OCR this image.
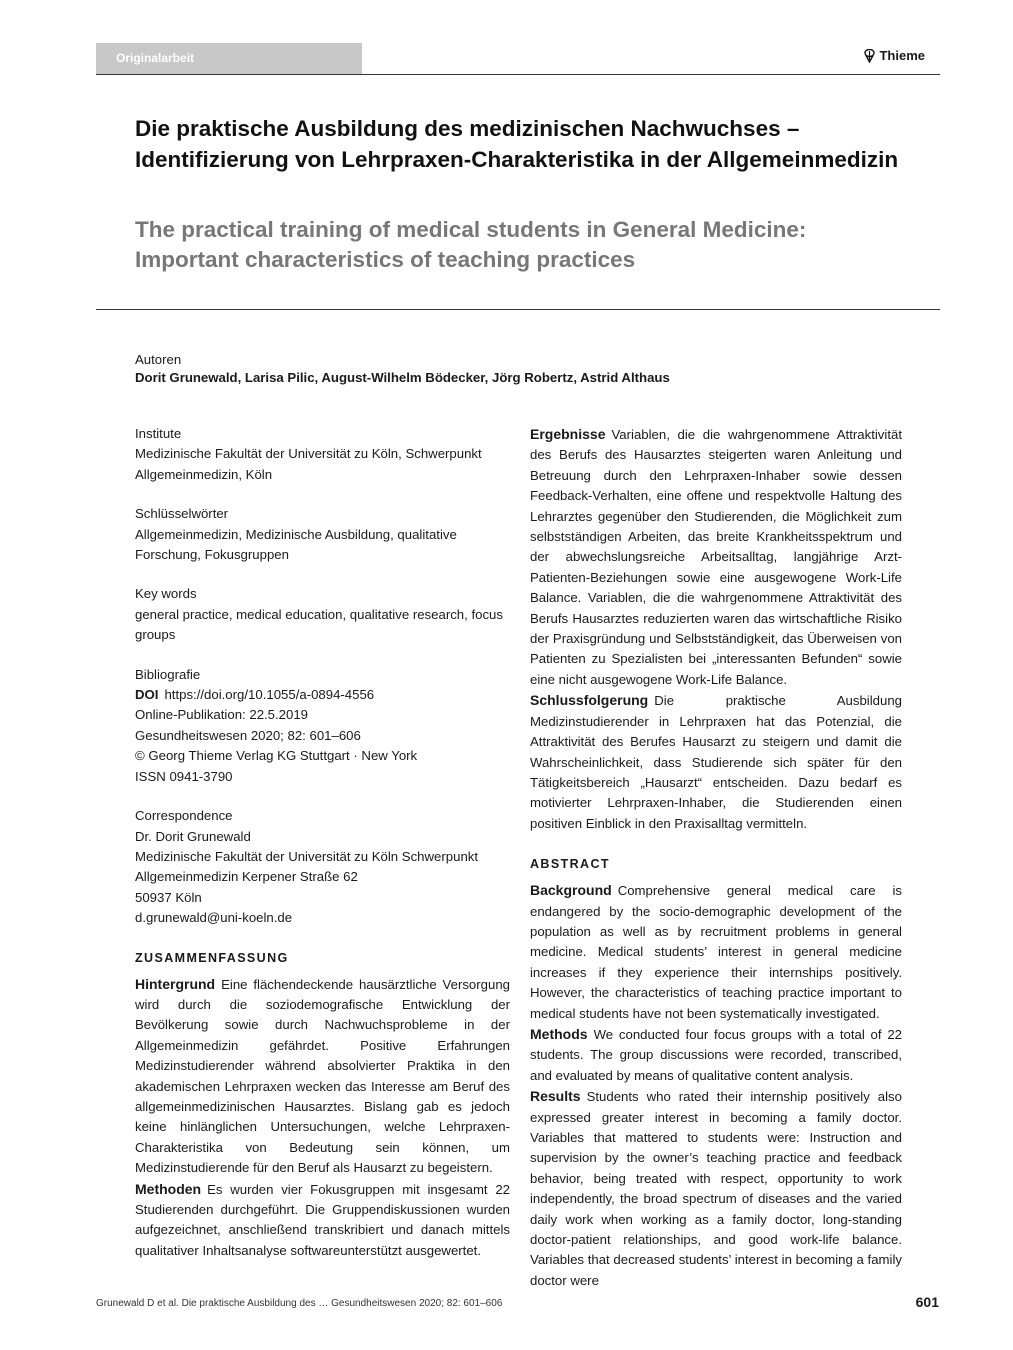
Originalarbeit	Thieme
Die praktische Ausbildung des medizinischen Nachwuchses – Identifizierung von Lehrpraxen-Charakteristika in der Allgemeinmedizin
The practical training of medical students in General Medicine: Important characteristics of teaching practices
Autoren
Dorit Grunewald, Larisa Pilic, August-Wilhelm Bödecker, Jörg Robertz, Astrid Althaus
Institute
Medizinische Fakultät der Universität zu Köln, Schwerpunkt Allgemeinmedizin, Köln
Schlüsselwörter
Allgemeinmedizin, Medizinische Ausbildung, qualitative Forschung, Fokusgruppen
Key words
general practice, medical education, qualitative research, focus groups
Bibliografie
DOI https://doi.org/10.1055/a-0894-4556
Online-Publikation: 22.5.2019
Gesundheitswesen 2020; 82: 601–606
© Georg Thieme Verlag KG Stuttgart · New York
ISSN 0941-3790
Correspondence
Dr. Dorit Grunewald
Medizinische Fakultät der Universität zu Köln Schwerpunkt
Allgemeinmedizin Kerpener Straße 62
50937 Köln
d.grunewald@uni-koeln.de
ZUSAMMENFASSUNG

Hintergrund Eine flächendeckende hausärztliche Versorgung wird durch die soziodemografische Entwicklung der Bevölkerung sowie durch Nachwuchsprobleme in der Allgemeinmedizin gefährdet. Positive Erfahrungen Medizinstudierender während absolvierter Praktika in den akademischen Lehrpraxen wecken das Interesse am Beruf des allgemeinmedizinischen Hausarztes. Bislang gab es jedoch keine hinlänglichen Untersuchungen, welche Lehrpraxen-Charakteristika von Bedeutung sein können, um Medizinstudierende für den Beruf als Hausarzt zu begeistern.

Methoden Es wurden vier Fokusgruppen mit insgesamt 22 Studierenden durchgeführt. Die Gruppendiskussionen wurden aufgezeichnet, anschließend transkribiert und danach mittels qualitativer Inhaltsanalyse softwareunterstützt ausgewertet.

Ergebnisse Variablen, die die wahrgenommene Attraktivität des Berufs des Hausarztes steigerten waren Anleitung und Betreuung durch den Lehrpraxen-Inhaber sowie dessen Feedback-Verhalten, eine offene und respektvolle Haltung des Lehrarztes gegenüber den Studierenden, die Möglichkeit zum selbstständigen Arbeiten, das breite Krankheitsspektrum und der abwechslungsreiche Arbeitsalltag, langjährige Arzt-Patienten-Beziehungen sowie eine ausgewogene Work-Life Balance. Variablen, die die wahrgenommene Attraktivität des Berufs Hausarztes reduzierten waren das wirtschaftliche Risiko der Praxisgründung und Selbstständigkeit, das Überweisen von Patienten zu Spezialisten bei „interessanten Befunden“ sowie eine nicht ausgewogene Work-Life Balance.

Schlussfolgerung Die praktische Ausbildung Medizinstudierender in Lehrpraxen hat das Potenzial, die Attraktivität des Berufes Hausarzt zu steigern und damit die Wahrscheinlichkeit, dass Studierende sich später für den Tätigkeitsbereich „Hausarzt“ entscheiden. Dazu bedarf es motivierter Lehrpraxen-Inhaber, die Studierenden einen positiven Einblick in den Praxisalltag vermitteln.

ABSTRACT

Background Comprehensive general medical care is endangered by the socio-demographic development of the population as well as by recruitment problems in general medicine. Medical students’ interest in general medicine increases if they experience their internships positively. However, the characteristics of teaching practice important to medical students have not been systematically investigated.

Methods We conducted four focus groups with a total of 22 students. The group discussions were recorded, transcribed, and evaluated by means of qualitative content analysis.

Results Students who rated their internship positively also expressed greater interest in becoming a family doctor. Variables that mattered to students were: Instruction and supervision by the owner’s teaching practice and feedback behavior, being treated with respect, opportunity to work independently, the broad spectrum of diseases and the varied daily work when working as a family doctor, long-standing doctor-patient relationships, and good work-life balance. Variables that decreased students’ interest in becoming a family doctor were

Grunewald D et al. Die praktische Ausbildung des … Gesundheitswesen 2020; 82: 601–606	601
